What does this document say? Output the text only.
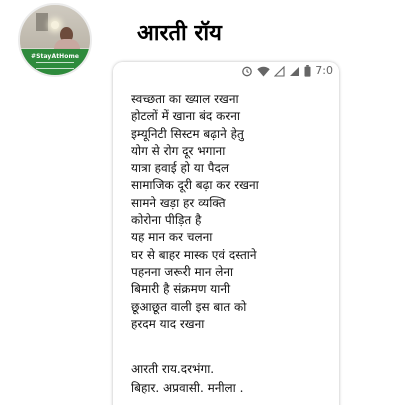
#StayAtHome
आरती रॉय
7:0
स्वच्छता का ख्याल रखना
होटलों में खाना बंद करना
इम्यूनिटी सिस्टम बढ़ाने हेतु
योग से रोग दूर भगाना
यात्रा हवाई हो या पैदल
सामाजिक दूरी बढ़ा कर रखना
सामने खड़ा हर व्यक्ति
कोरोना पीड़ित है
यह मान कर चलना
घर से बाहर मास्क एवं दस्ताने
पहनना जरूरी मान लेना
बिमारी है संक्रमण यानी
छूआछूत वाली इस बात को
हरदम याद रखना
आरती राय.दरभंगा.
बिहार. अप्रवासी. मनीला .
